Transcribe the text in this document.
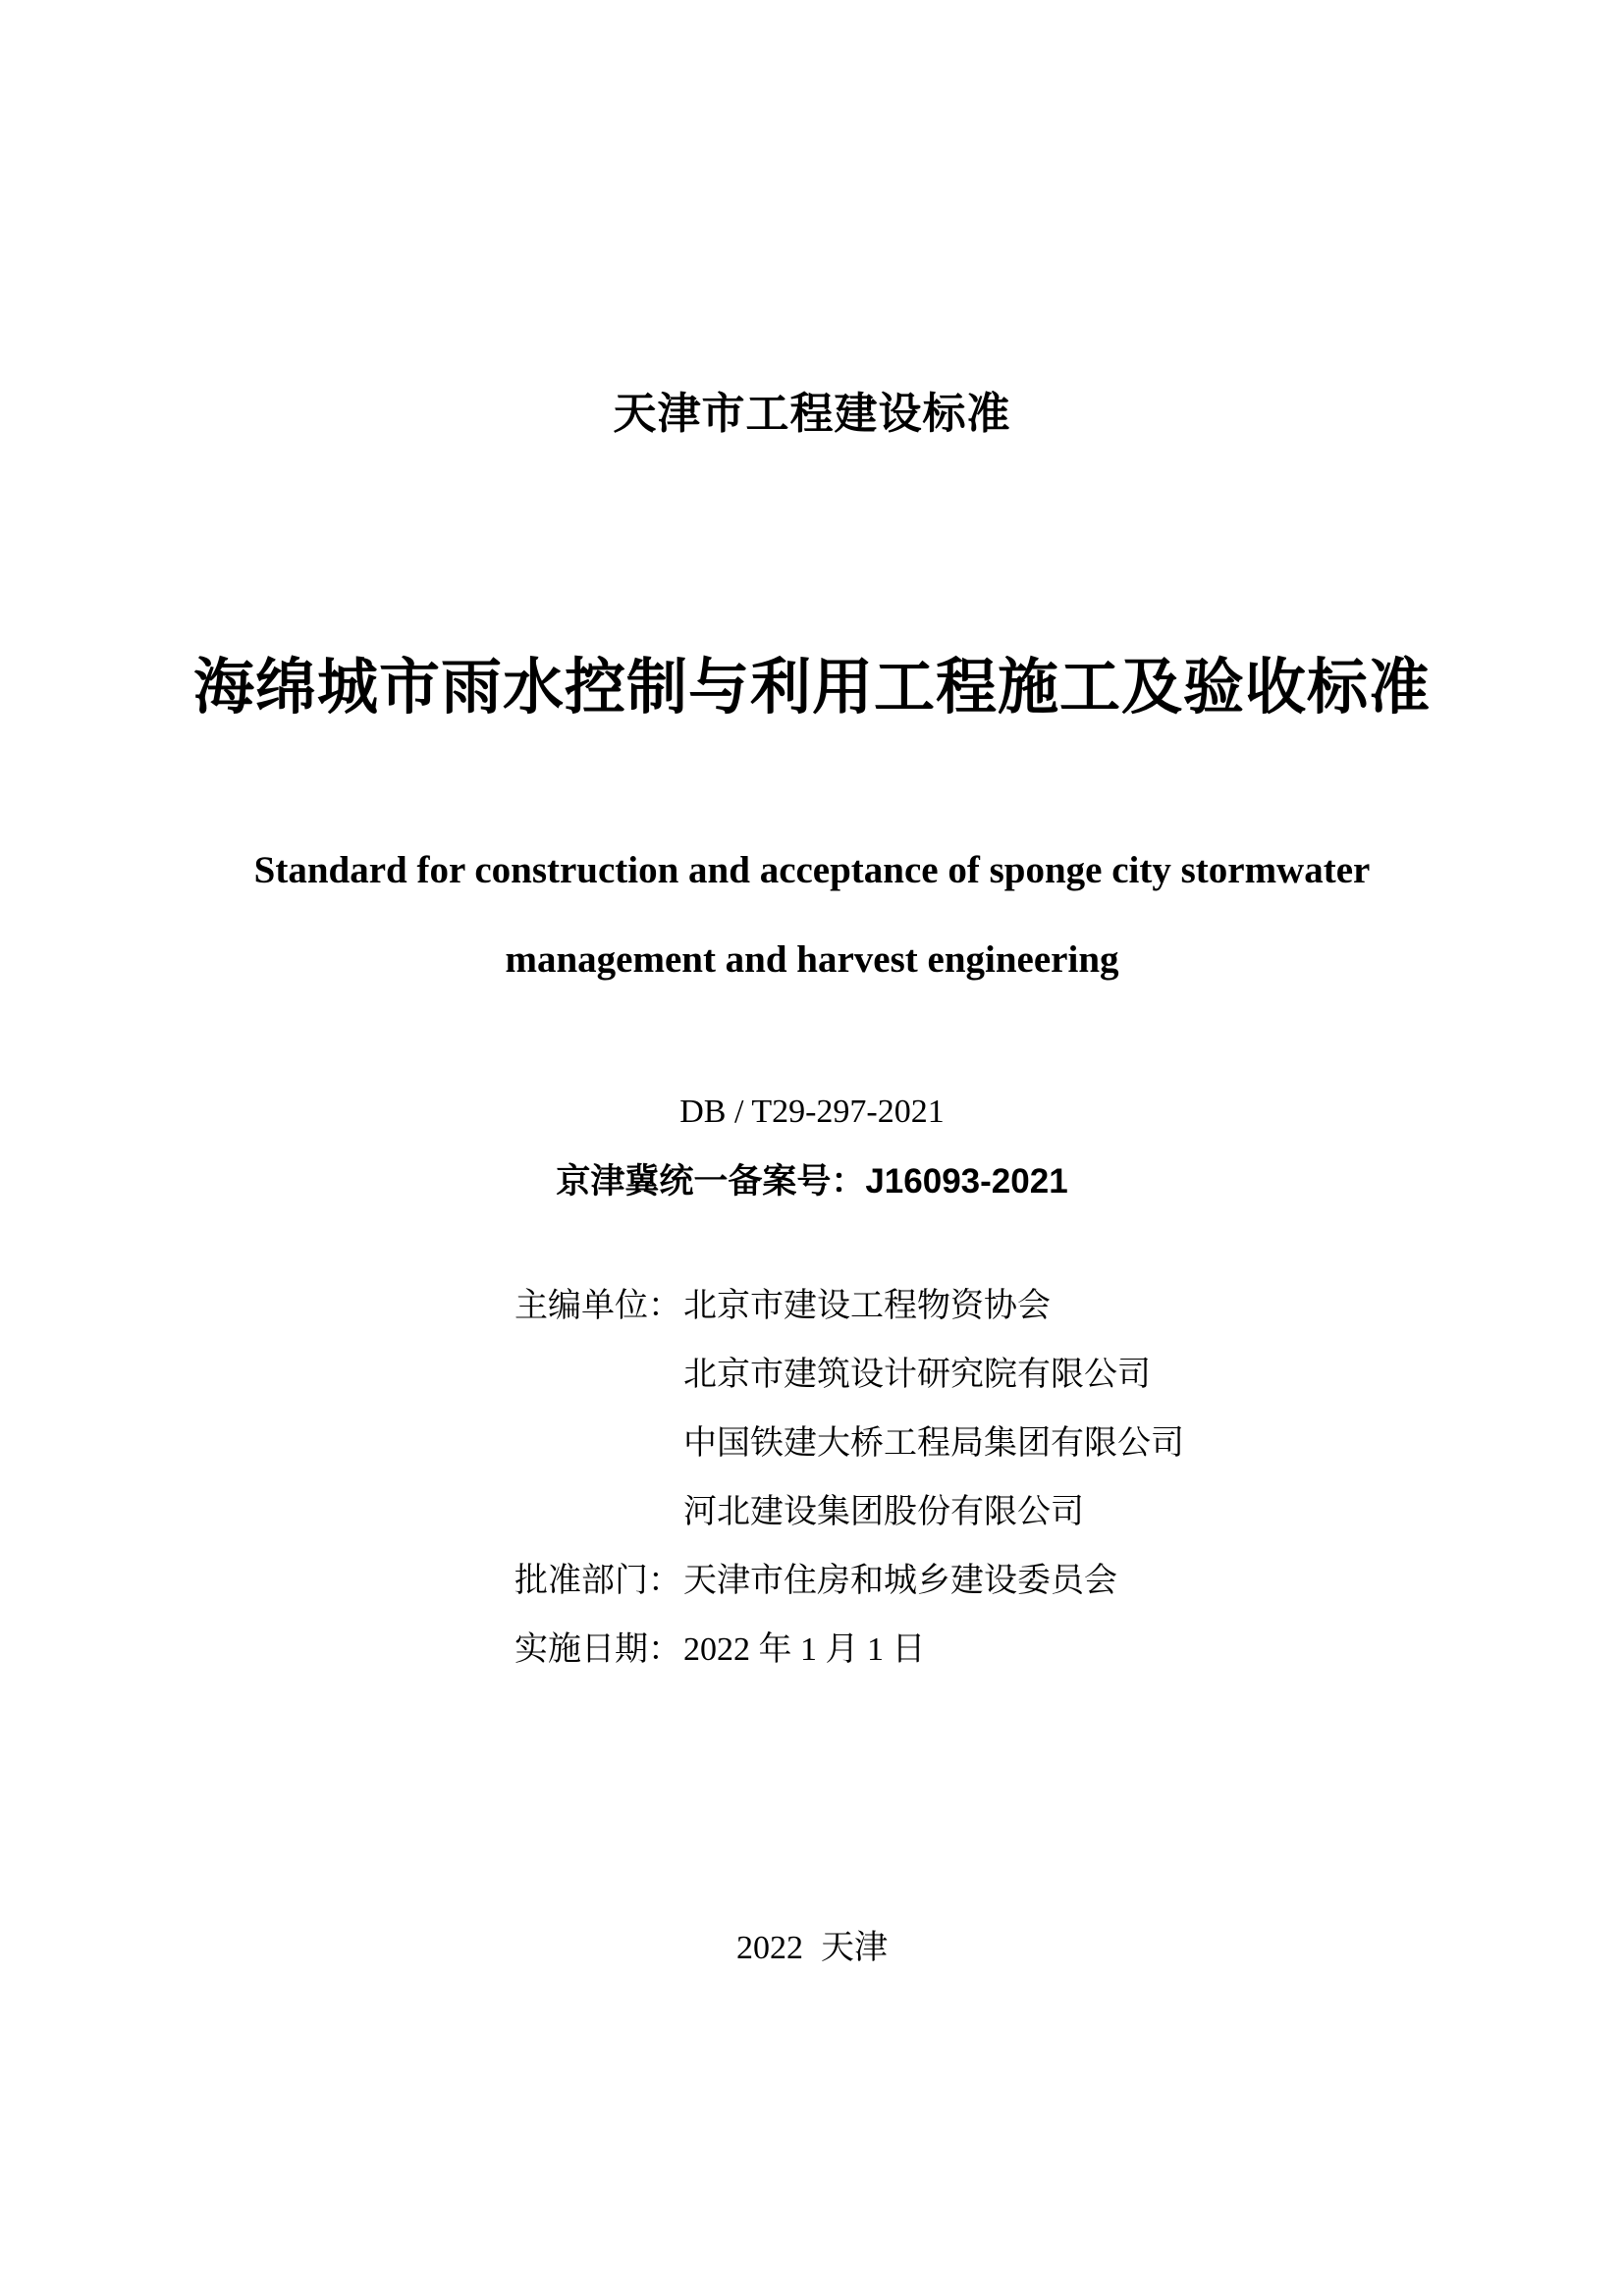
天津市工程建设标准
海绵城市雨水控制与利用工程施工及验收标准
Standard for construction and acceptance of sponge city stormwater
management and harvest engineering
DB / T29-297-2021
京津冀统一备案号：J16093-2021
主编单位： 北京市建设工程物资协会
北京市建筑设计研究院有限公司
中国铁建大桥工程局集团有限公司
河北建设集团股份有限公司
批准部门： 天津市住房和城乡建设委员会
实施日期： 2022 年 1 月 1 日
2022 天津
